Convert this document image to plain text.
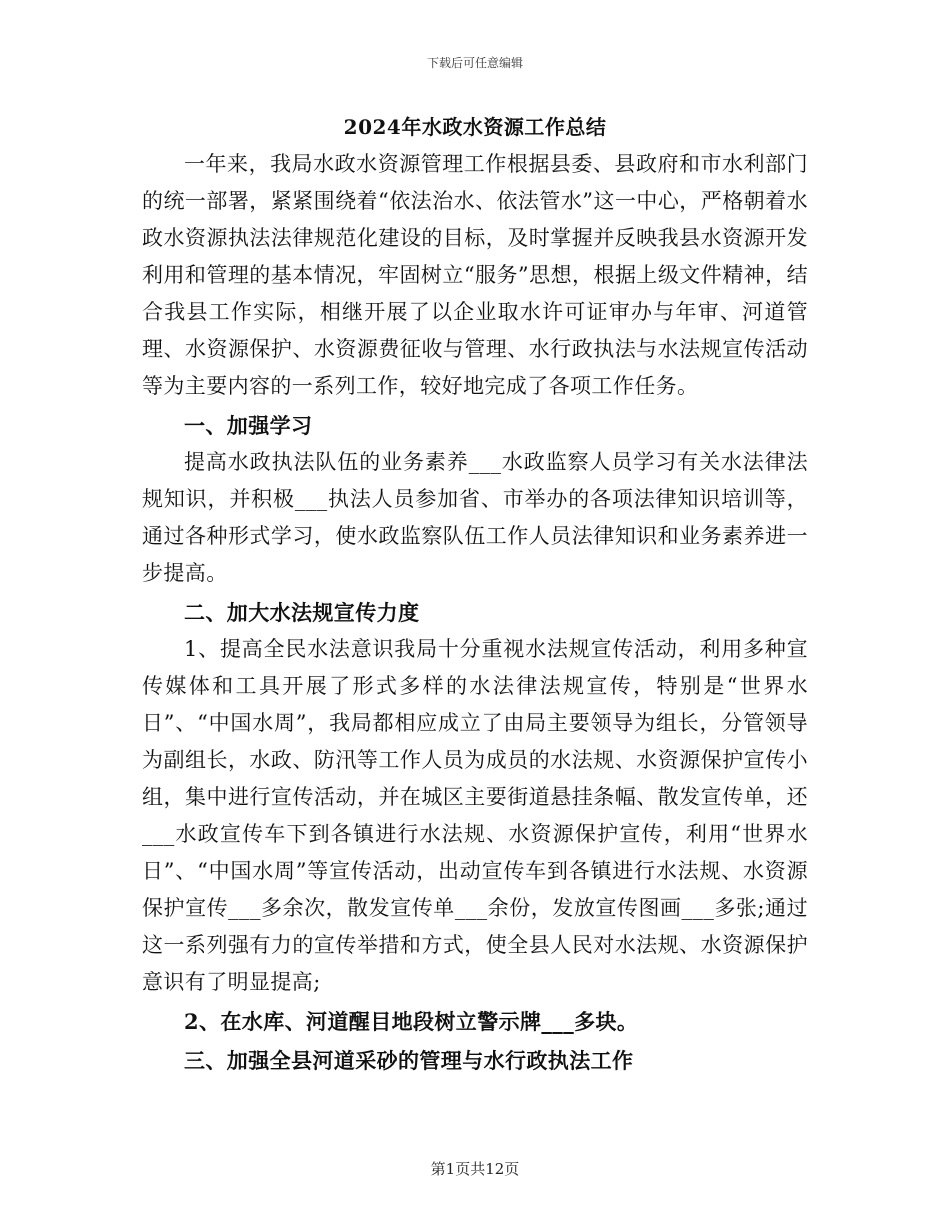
下载后可任意编辑
2024年水政水资源工作总结

一年来，我局水政水资源管理工作根据县委、县政府和市水利部门的统一部署，紧紧围绕着“依法治水、依法管水”这一中心，严格朝着水政水资源执法法律规范化建设的目标，及时掌握并反映我县水资源开发利用和管理的基本情况，牢固树立“服务”思想，根据上级文件精神，结合我县工作实际，相继开展了以企业取水许可证审办与年审、河道管理、水资源保护、水资源费征收与管理、水行政执法与水法规宣传活动等为主要内容的一系列工作，较好地完成了各项工作任务。

一、加强学习

提高水政执法队伍的业务素养___水政监察人员学习有关水法律法规知识，并积极___执法人员参加省、市举办的各项法律知识培训等，通过各种形式学习，使水政监察队伍工作人员法律知识和业务素养进一步提高。

二、加大水法规宣传力度

1、提高全民水法意识我局十分重视水法规宣传活动，利用多种宣传媒体和工具开展了形式多样的水法律法规宣传，特别是“世界水日”、“中国水周”，我局都相应成立了由局主要领导为组长，分管领导为副组长，水政、防汛等工作人员为成员的水法规、水资源保护宣传小组，集中进行宣传活动，并在城区主要街道悬挂条幅、散发宣传单，还___水政宣传车下到各镇进行水法规、水资源保护宣传，利用“世界水日”、“中国水周”等宣传活动，出动宣传车到各镇进行水法规、水资源保护宣传___多余次，散发宣传单___余份，发放宣传图画___多张;通过这一系列强有力的宣传举措和方式，使全县人民对水法规、水资源保护意识有了明显提高;

2、在水库、河道醒目地段树立警示牌___多块。

三、加强全县河道采砂的管理与水行政执法工作

第1页共12页
